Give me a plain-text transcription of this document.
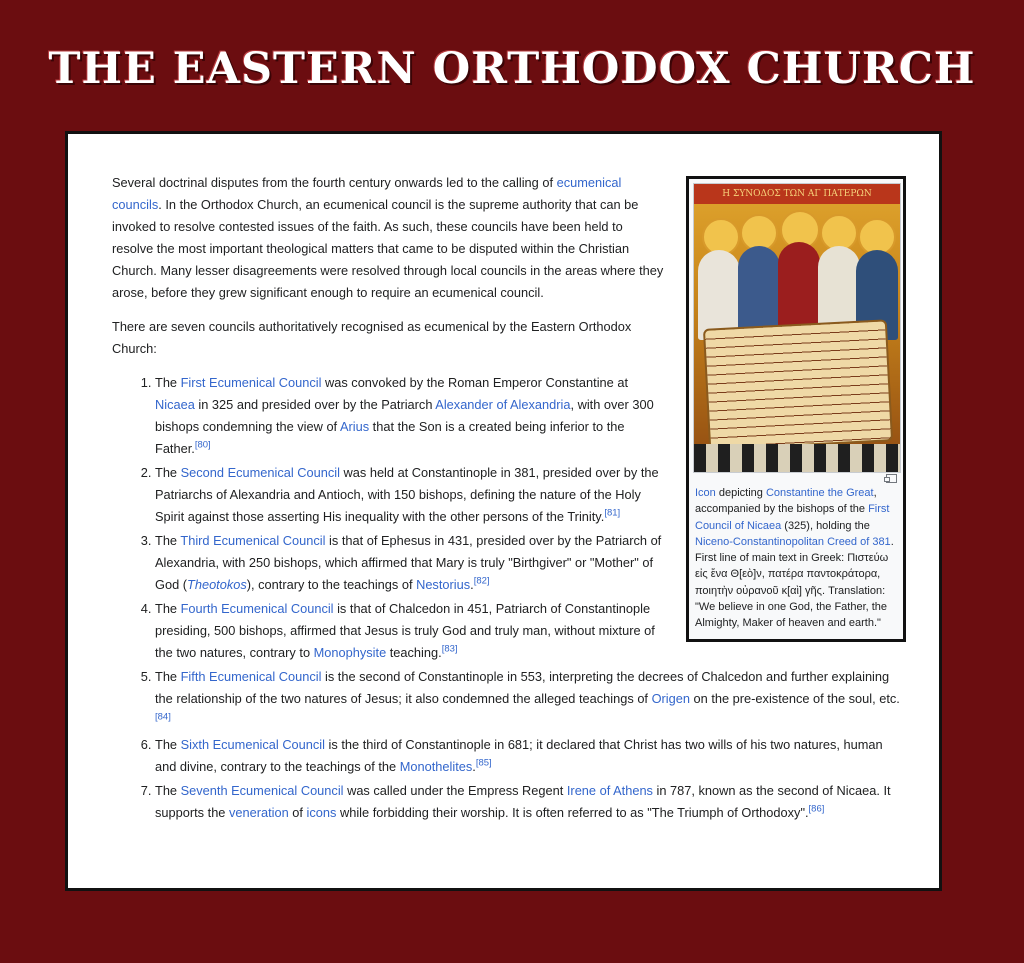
THE EASTERN ORTHODOX CHURCH

Several doctrinal disputes from the fourth century onwards led to the calling of ecumenical councils. In the Orthodox Church, an ecumenical council is the supreme authority that can be invoked to resolve contested issues of the faith. As such, these councils have been held to resolve the most important theological matters that came to be disputed within the Christian Church. Many lesser disagreements were resolved through local councils in the areas where they arose, before they grew significant enough to require an ecumenical council.

There are seven councils authoritatively recognised as ecumenical by the Eastern Orthodox Church:

1. The First Ecumenical Council was convoked by the Roman Emperor Constantine at Nicaea in 325 and presided over by the Patriarch Alexander of Alexandria, with over 300 bishops condemning the view of Arius that the Son is a created being inferior to the Father.[80]
2. The Second Ecumenical Council was held at Constantinople in 381, presided over by the Patriarchs of Alexandria and Antioch, with 150 bishops, defining the nature of the Holy Spirit against those asserting His inequality with the other persons of the Trinity.[81]
3. The Third Ecumenical Council is that of Ephesus in 431, presided over by the Patriarch of Alexandria, with 250 bishops, which affirmed that Mary is truly "Birthgiver" or "Mother" of God (Theotokos), contrary to the teachings of Nestorius.[82]
4. The Fourth Ecumenical Council is that of Chalcedon in 451, Patriarch of Constantinople presiding, 500 bishops, affirmed that Jesus is truly God and truly man, without mixture of the two natures, contrary to Monophysite teaching.[83]
5. The Fifth Ecumenical Council is the second of Constantinople in 553, interpreting the decrees of Chalcedon and further explaining the relationship of the two natures of Jesus; it also condemned the alleged teachings of Origen on the pre-existence of the soul, etc.[84]
6. The Sixth Ecumenical Council is the third of Constantinople in 681; it declared that Christ has two wills of his two natures, human and divine, contrary to the teachings of the Monothelites.[85]
7. The Seventh Ecumenical Council was called under the Empress Regent Irene of Athens in 787, known as the second of Nicaea. It supports the veneration of icons while forbidding their worship. It is often referred to as "The Triumph of Orthodoxy".[86]
Η ΣΥΝΟΔΟΣ ΤΩΝ ΑΓ ΠΑΤΕΡΩΝ
Icon depicting Constantine the Great, accompanied by the bishops of the First Council of Nicaea (325), holding the Niceno-Constantinopolitan Creed of 381. First line of main text in Greek: Πιστεύω εἰς ἕνα Θ[εὸ]ν, πατέρα παντοκράτορα, ποιητὴν οὐρανοῦ κ[αὶ] γῆς. Translation: "We believe in one God, the Father, the Almighty, Maker of heaven and earth."
